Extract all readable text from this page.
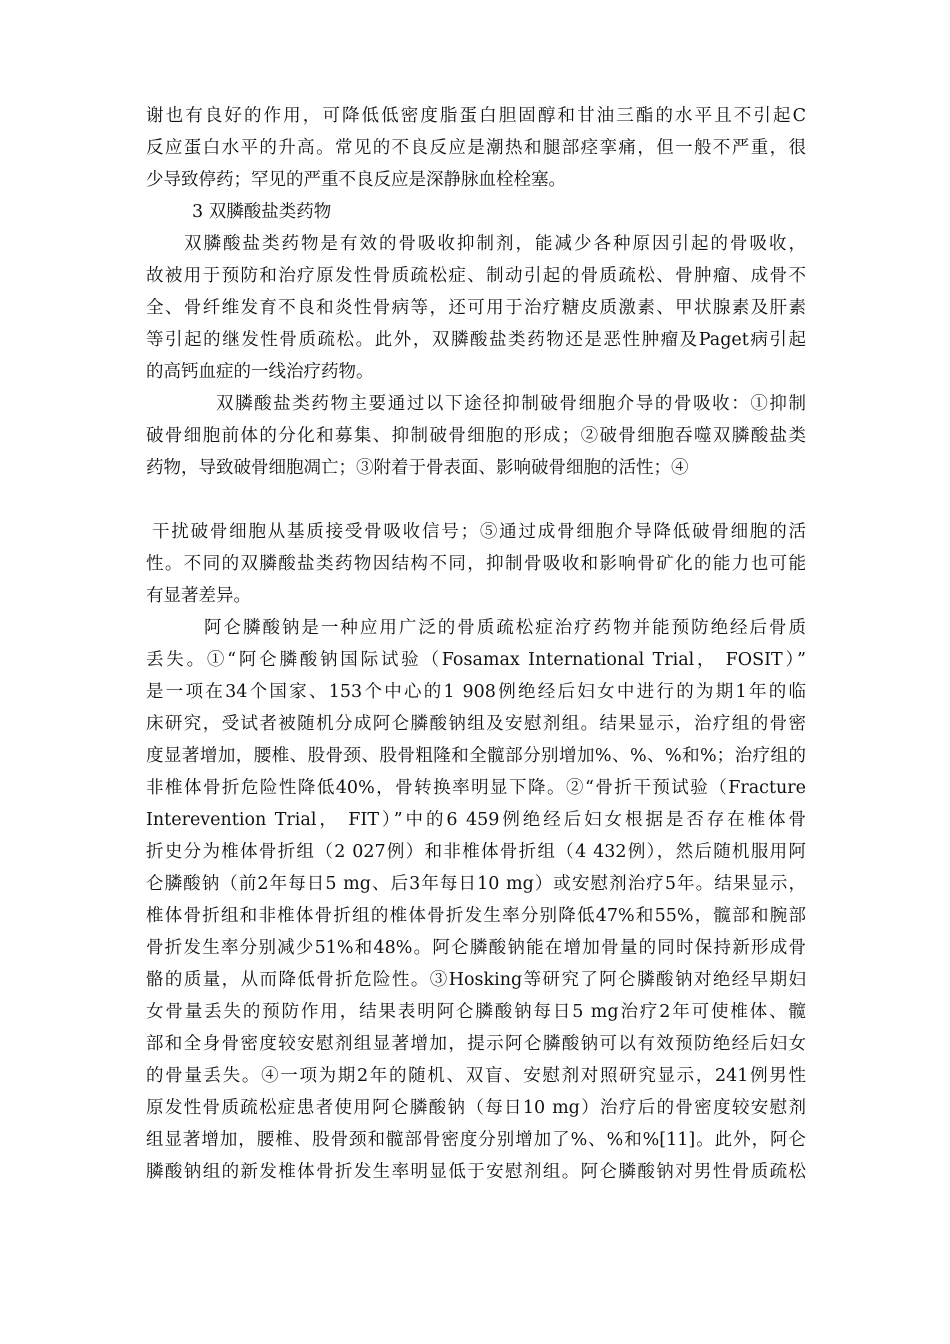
谢也有良好的作用，可降低低密度脂蛋白胆固醇和甘油三酯的水平且不引起C
反应蛋白水平的升高。常见的不良反应是潮热和腿部痉挛痛，但一般不严重，很
少导致停药；罕见的严重不良反应是深静脉血栓栓塞。
3 双膦酸盐类药物
双膦酸盐类药物是有效的骨吸收抑制剂，能减少各种原因引起的骨吸收，
故被用于预防和治疗原发性骨质疏松症、制动引起的骨质疏松、骨肿瘤、成骨不
全、骨纤维发育不良和炎性骨病等，还可用于治疗糖皮质激素、甲状腺素及肝素
等引起的继发性骨质疏松。此外，双膦酸盐类药物还是恶性肿瘤及Paget病引起
的高钙血症的一线治疗药物。
双膦酸盐类药物主要通过以下途径抑制破骨细胞介导的骨吸收：①抑制
破骨细胞前体的分化和募集、抑制破骨细胞的形成；②破骨细胞吞噬双膦酸盐类
药物，导致破骨细胞凋亡；③附着于骨表面、影响破骨细胞的活性；④
干扰破骨细胞从基质接受骨吸收信号；⑤通过成骨细胞介导降低破骨细胞的活
性。不同的双膦酸盐类药物因结构不同，抑制骨吸收和影响骨矿化的能力也可能
有显著差异。
阿仑膦酸钠是一种应用广泛的骨质疏松症治疗药物并能预防绝经后骨质
丢失。①“阿仑膦酸钠国际试验（Fosamax International Trial， FOSIT）”
是一项在34个国家、153个中心的1 908例绝经后妇女中进行的为期1年的临
床研究，受试者被随机分成阿仑膦酸钠组及安慰剂组。结果显示，治疗组的骨密
度显著增加，腰椎、股骨颈、股骨粗隆和全髋部分别增加%、%、%和%；治疗组的
非椎体骨折危险性降低40%，骨转换率明显下降。②“骨折干预试验（Fracture
Interevention Trial， FIT）”中的6 459例绝经后妇女根据是否存在椎体骨
折史分为椎体骨折组（2 027例）和非椎体骨折组（4 432例），然后随机服用阿
仑膦酸钠（前2年每日5 mg、后3年每日10 mg）或安慰剂治疗5年。结果显示，
椎体骨折组和非椎体骨折组的椎体骨折发生率分别降低47%和55%，髋部和腕部
骨折发生率分别减少51%和48%。阿仑膦酸钠能在增加骨量的同时保持新形成骨
骼的质量，从而降低骨折危险性。③Hosking等研究了阿仑膦酸钠对绝经早期妇
女骨量丢失的预防作用，结果表明阿仑膦酸钠每日5 mg治疗2年可使椎体、髋
部和全身骨密度较安慰剂组显著增加，提示阿仑膦酸钠可以有效预防绝经后妇女
的骨量丢失。④一项为期2年的随机、双盲、安慰剂对照研究显示，241例男性
原发性骨质疏松症患者使用阿仑膦酸钠（每日10 mg）治疗后的骨密度较安慰剂
组显著增加，腰椎、股骨颈和髋部骨密度分别增加了%、%和%[11]。此外，阿仑
膦酸钠组的新发椎体骨折发生率明显低于安慰剂组。阿仑膦酸钠对男性骨质疏松
